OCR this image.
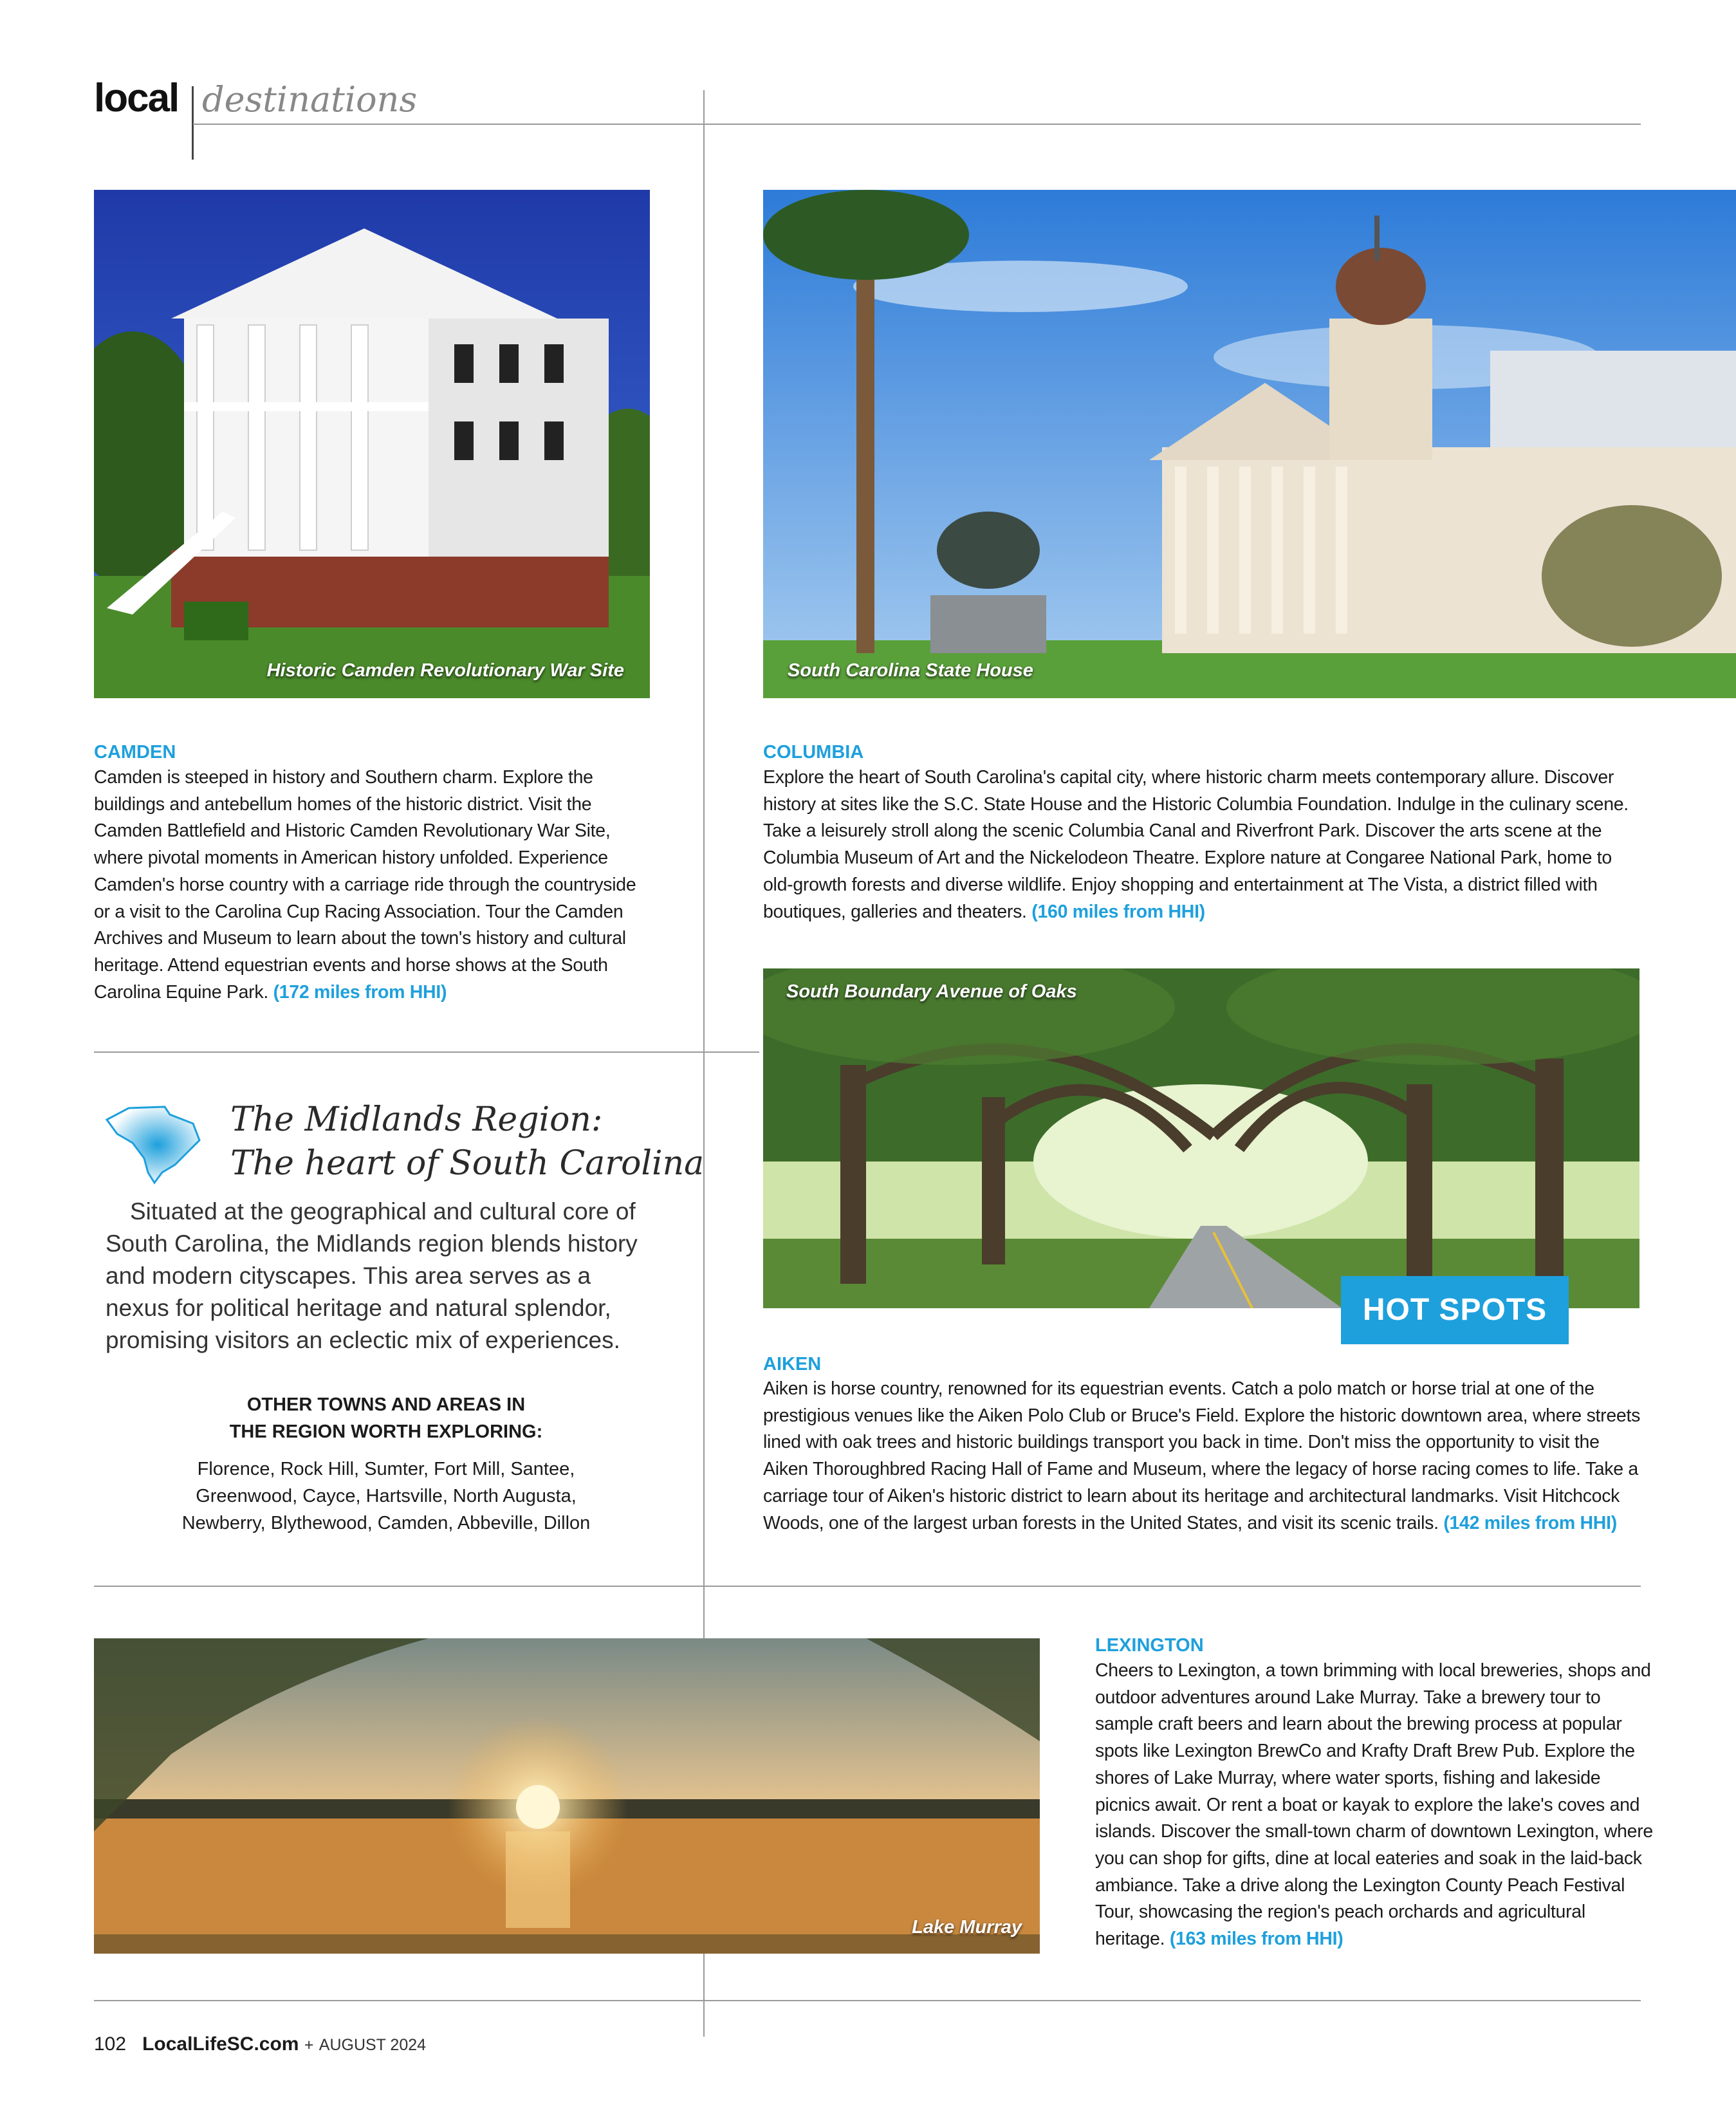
local destinations
Historic Camden Revolutionary War Site	South Carolina State House
CAMDEN
Camden is steeped in history and Southern charm. Explore the buildings and antebellum homes of the historic district. Visit the Camden Battlefield and Historic Camden Revolutionary War Site, where pivotal moments in American history unfolded. Experience Camden's horse country with a carriage ride through the countryside or a visit to the Carolina Cup Racing Association. Tour the Camden Archives and Museum to learn about the town's history and cultural heritage. Attend equestrian events and horse shows at the South Carolina Equine Park. (172 miles from HHI)
COLUMBIA
Explore the heart of South Carolina's capital city, where historic charm meets contemporary allure. Discover history at sites like the S.C. State House and the Historic Columbia Foundation. Indulge in the culinary scene. Take a leisurely stroll along the scenic Columbia Canal and Riverfront Park. Discover the arts scene at the Columbia Museum of Art and the Nickelodeon Theatre. Explore nature at Congaree National Park, home to old-growth forests and diverse wildlife. Enjoy shopping and entertainment at The Vista, a district filled with boutiques, galleries and theaters. (160 miles from HHI)
South Boundary Avenue of Oaks
HOT SPOTS
AIKEN
Aiken is horse country, renowned for its equestrian events. Catch a polo match or horse trial at one of the prestigious venues like the Aiken Polo Club or Bruce's Field. Explore the historic downtown area, where streets lined with oak trees and historic buildings transport you back in time. Don't miss the opportunity to visit the Aiken Thoroughbred Racing Hall of Fame and Museum, where the legacy of horse racing comes to life. Take a carriage tour of Aiken's historic district to learn about its heritage and architectural landmarks. Visit Hitchcock Woods, one of the largest urban forests in the United States, and visit its scenic trails. (142 miles from HHI)
The Midlands Region:
The heart of South Carolina
Situated at the geographical and cultural core of South Carolina, the Midlands region blends history and modern cityscapes. This area serves as a nexus for political heritage and natural splendor, promising visitors an eclectic mix of experiences.
OTHER TOWNS AND AREAS IN
THE REGION WORTH EXPLORING:
Florence, Rock Hill, Sumter, Fort Mill, Santee,
Greenwood, Cayce, Hartsville, North Augusta,
Newberry, Blythewood, Camden, Abbeville, Dillon
Lake Murray
LEXINGTON
Cheers to Lexington, a town brimming with local breweries, shops and outdoor adventures around Lake Murray. Take a brewery tour to sample craft beers and learn about the brewing process at popular spots like Lexington BrewCo and Krafty Draft Brew Pub. Explore the shores of Lake Murray, where water sports, fishing and lakeside picnics await. Or rent a boat or kayak to explore the lake's coves and islands. Discover the small-town charm of downtown Lexington, where you can shop for gifts, dine at local eateries and soak in the laid-back ambiance. Take a drive along the Lexington County Peach Festival Tour, showcasing the region's peach orchards and agricultural heritage. (163 miles from HHI)
102 LocalLifeSC.com + AUGUST 2024
